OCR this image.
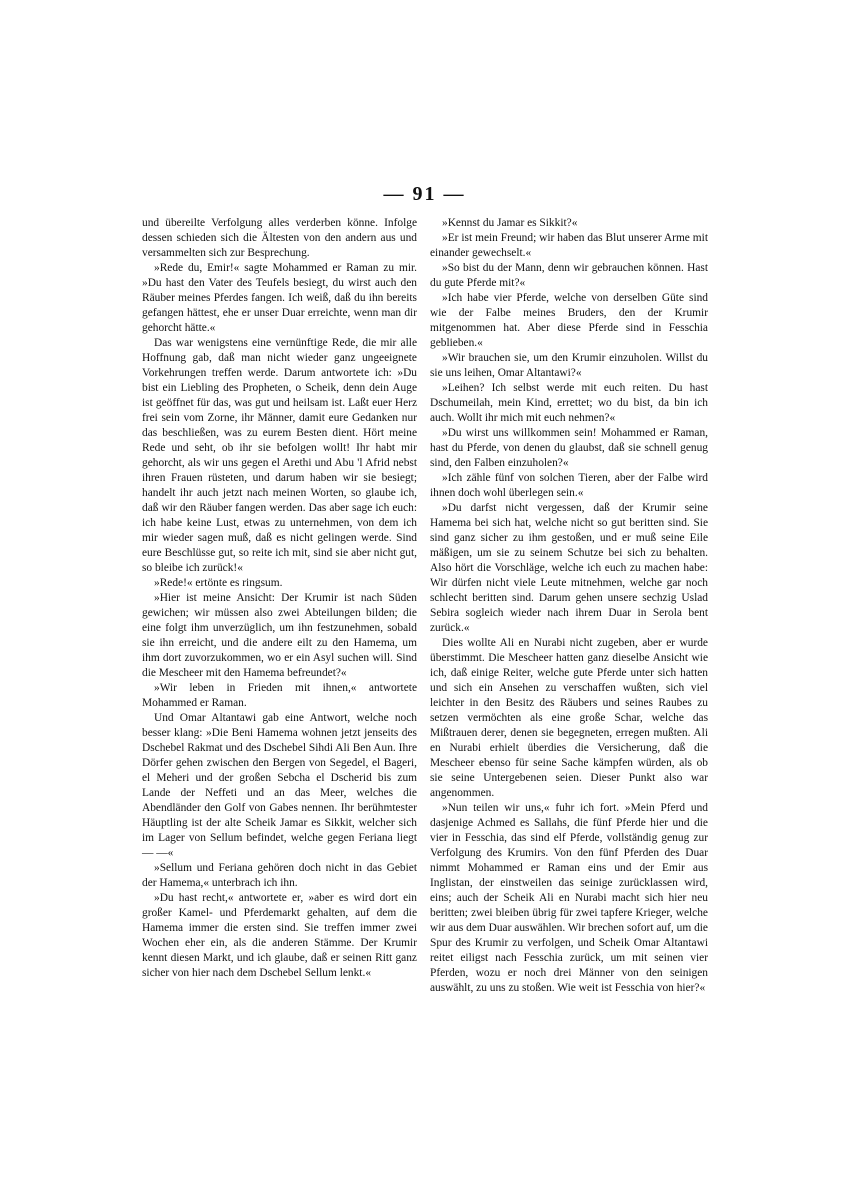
— 91 —

und übereilte Verfolgung alles verderben könne. Infolge dessen schieden sich die Ältesten von den andern aus und versammelten sich zur Besprechung.

»Rede du, Emir!« sagte Mohammed er Raman zu mir. »Du hast den Vater des Teufels besiegt, du wirst auch den Räuber meines Pferdes fangen. Ich weiß, daß du ihn bereits gefangen hättest, ehe er unser Duar erreichte, wenn man dir gehorcht hätte.«

Das war wenigstens eine vernünftige Rede, die mir alle Hoffnung gab, daß man nicht wieder ganz ungeeignete Vorkehrungen treffen werde. Darum antwortete ich: »Du bist ein Liebling des Propheten, o Scheik, denn dein Auge ist geöffnet für das, was gut und heilsam ist. Laßt euer Herz frei sein vom Zorne, ihr Männer, damit eure Gedanken nur das beschließen, was zu eurem Besten dient. Hört meine Rede und seht, ob ihr sie befolgen wollt! Ihr habt mir gehorcht, als wir uns gegen el Arethi und Abu 'l Afrid nebst ihren Frauen rüsteten, und darum haben wir sie besiegt; handelt ihr auch jetzt nach meinen Worten, so glaube ich, daß wir den Räuber fangen werden. Das aber sage ich euch: ich habe keine Lust, etwas zu unternehmen, von dem ich mir wieder sagen muß, daß es nicht gelingen werde. Sind eure Beschlüsse gut, so reite ich mit, sind sie aber nicht gut, so bleibe ich zurück!«

»Rede!« ertönte es ringsum.

»Hier ist meine Ansicht: Der Krumir ist nach Süden gewichen; wir müssen also zwei Abteilungen bilden; die eine folgt ihm unverzüglich, um ihn festzunehmen, sobald sie ihn erreicht, und die andere eilt zu den Hamema, um ihm dort zuvorzukommen, wo er ein Asyl suchen will. Sind die Mescheer mit den Hamema befreundet?«

»Wir leben in Frieden mit ihnen,« antwortete Mohammed er Raman.

Und Omar Altantawi gab eine Antwort, welche noch besser klang: »Die Beni Hamema wohnen jetzt jenseits des Dschebel Rakmat und des Dschebel Sihdi Ali Ben Aun. Ihre Dörfer gehen zwischen den Bergen von Segedel, el Bageri, el Meheri und der großen Sebcha el Dscherid bis zum Lande der Neffeti und an das Meer, welches die Abendländer den Golf von Gabes nennen. Ihr berühmtester Häuptling ist der alte Scheik Jamar es Sikkit, welcher sich im Lager von Sellum befindet, welche gegen Feriana liegt — —«

»Sellum und Feriana gehören doch nicht in das Gebiet der Hamema,« unterbrach ich ihn.

»Du hast recht,« antwortete er, »aber es wird dort ein großer Kamel- und Pferdemarkt gehalten, auf dem die Hamema immer die ersten sind. Sie treffen immer zwei Wochen eher ein, als die anderen Stämme. Der Krumir kennt diesen Markt, und ich glaube, daß er seinen Ritt ganz sicher von hier nach dem Dschebel Sellum lenkt.«

»Kennst du Jamar es Sikkit?«

»Er ist mein Freund; wir haben das Blut unserer Arme mit einander gewechselt.«

»So bist du der Mann, denn wir gebrauchen können. Hast du gute Pferde mit?«

»Ich habe vier Pferde, welche von derselben Güte sind wie der Falbe meines Bruders, den der Krumir mitgenommen hat. Aber diese Pferde sind in Fesschia geblieben.«

»Wir brauchen sie, um den Krumir einzuholen. Willst du sie uns leihen, Omar Altantawi?«

»Leihen? Ich selbst werde mit euch reiten. Du hast Dschumeilah, mein Kind, errettet; wo du bist, da bin ich auch. Wollt ihr mich mit euch nehmen?«

»Du wirst uns willkommen sein! Mohammed er Raman, hast du Pferde, von denen du glaubst, daß sie schnell genug sind, den Falben einzuholen?«

»Ich zähle fünf von solchen Tieren, aber der Falbe wird ihnen doch wohl überlegen sein.«

»Du darfst nicht vergessen, daß der Krumir seine Hamema bei sich hat, welche nicht so gut beritten sind. Sie sind ganz sicher zu ihm gestoßen, und er muß seine Eile mäßigen, um sie zu seinem Schutze bei sich zu behalten. Also hört die Vorschläge, welche ich euch zu machen habe: Wir dürfen nicht viele Leute mitnehmen, welche gar noch schlecht beritten sind. Darum gehen unsere sechzig Uslad Sebira sogleich wieder nach ihrem Duar in Serola bent zurück.«

Dies wollte Ali en Nurabi nicht zugeben, aber er wurde überstimmt. Die Mescheer hatten ganz dieselbe Ansicht wie ich, daß einige Reiter, welche gute Pferde unter sich hatten und sich ein Ansehen zu verschaffen wußten, sich viel leichter in den Besitz des Räubers und seines Raubes zu setzen vermöchten als eine große Schar, welche das Mißtrauen derer, denen sie begegneten, erregen mußten. Ali en Nurabi erhielt überdies die Versicherung, daß die Mescheer ebenso für seine Sache kämpfen würden, als ob sie seine Untergebenen seien. Dieser Punkt also war angenommen.

»Nun teilen wir uns,« fuhr ich fort. »Mein Pferd und dasjenige Achmed es Sallahs, die fünf Pferde hier und die vier in Fesschia, das sind elf Pferde, vollständig genug zur Verfolgung des Krumirs. Von den fünf Pferden des Duar nimmt Mohammed er Raman eins und der Emir aus Inglistan, der einstweilen das seinige zurücklassen wird, eins; auch der Scheik Ali en Nurabi macht sich hier neu beritten; zwei bleiben übrig für zwei tapfere Krieger, welche wir aus dem Duar auswählen. Wir brechen sofort auf, um die Spur des Krumir zu verfolgen, und Scheik Omar Altantawi reitet eiligst nach Fesschia zurück, um mit seinen vier Pferden, wozu er noch drei Männer von den seinigen auswählt, zu uns zu stoßen. Wie weit ist Fesschia von hier?«
